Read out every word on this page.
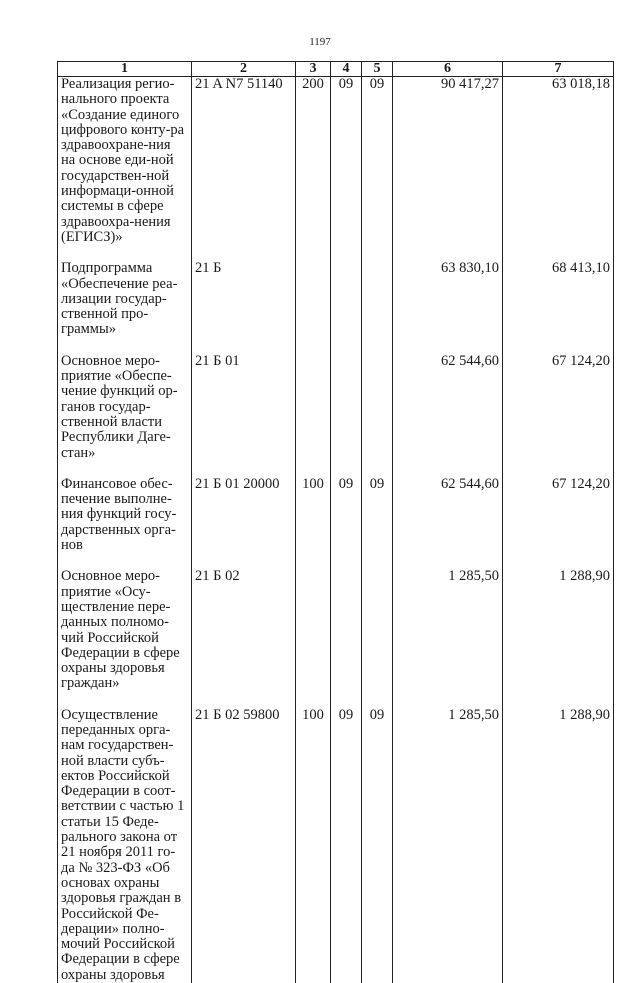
1197
1	2	3	4	5	6	7
Реализация регио-нального проекта «Создание единого цифрового конту-ра здравоохране-ния на основе еди-ной государствен-ной информаци-онной системы в сфере здравоохра-нения (ЕГИСЗ)»	21 A N7 51140	200	09	09	90 417,27	63 018,18

Подпрограмма «Обеспечение реа-лизации государ-ственной про-граммы»	21 Б				63 830,10	68 413,10

Основное меро-приятие «Обеспе-чение функций ор-ганов государ-ственной власти Республики Даге-стан»	21 Б 01				62 544,60	67 124,20

Финансовое обес-печение выполне-ния функций госу-дарственных орга-нов	21 Б 01 20000	100	09	09	62 544,60	67 124,20

Основное меро-приятие «Осу-ществление пере-данных полномо-чий Российской Федерации в сфере охраны здоровья граждан»	21 Б 02				1 285,50	1 288,90

Осуществление переданных орга-нам государствен-ной власти субъ-ектов Российской Федерации в соот-ветствии с частью 1 статьи 15 Феде-рального закона от 21 ноября 2011 го-да № 323-ФЗ «Об основах охраны здоровья граждан в Российской Фе-дерации» полно-мочий Российской Федерации в сфере охраны здоровья	21 Б 02 59800	100	09	09	1 285,50	1 288,90
